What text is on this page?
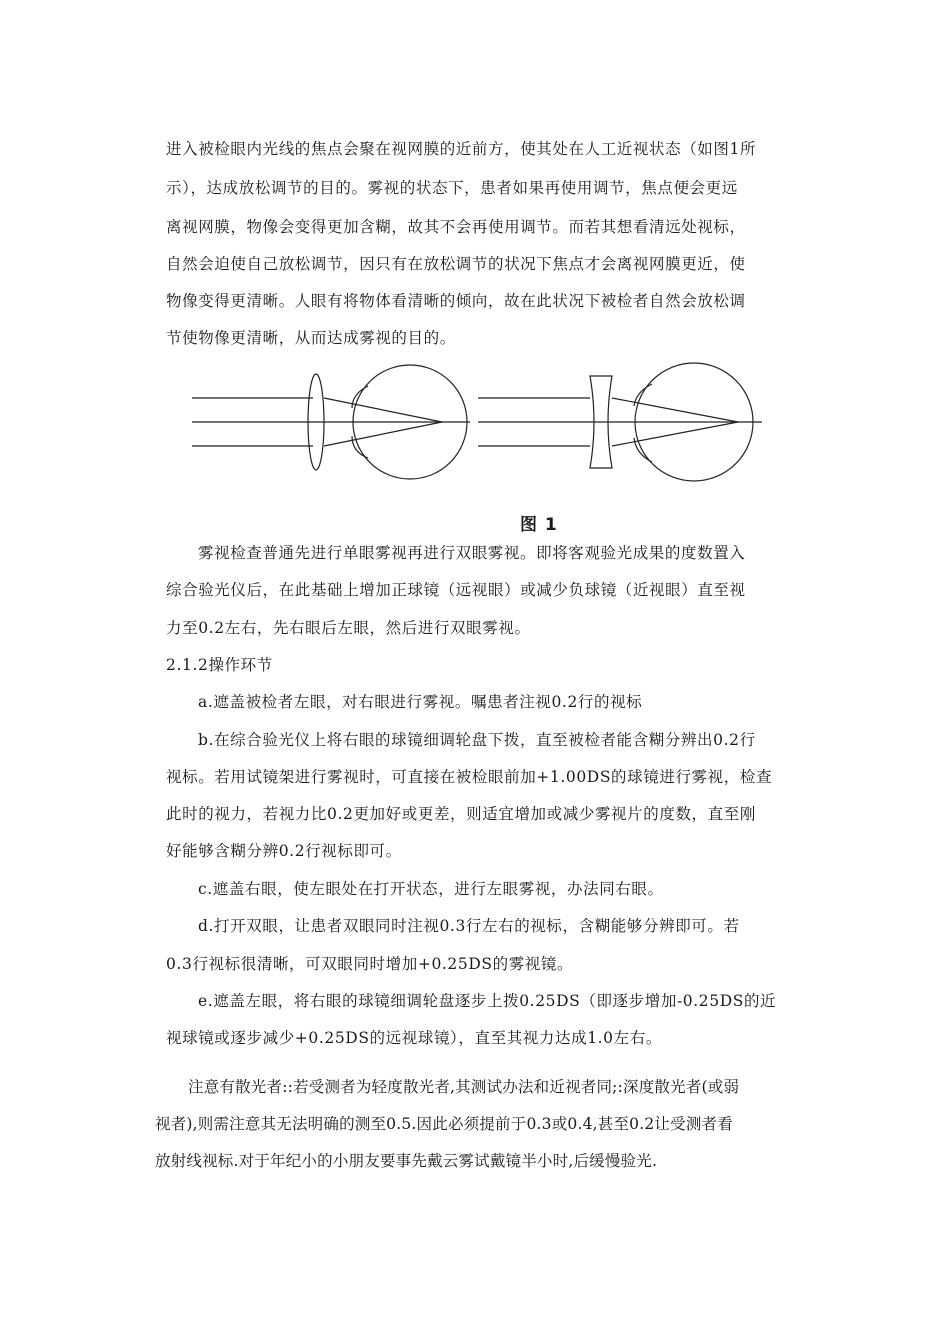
进入被检眼内光线的焦点会聚在视网膜的近前方，使其处在人工近视状态（如图1所
示），达成放松调节的目的。雾视的状态下，患者如果再使用调节，焦点便会更远
离视网膜，物像会变得更加含糊，故其不会再使用调节。而若其想看清远处视标，
自然会迫使自己放松调节，因只有在放松调节的状况下焦点才会离视网膜更近，使
物像变得更清晰。人眼有将物体看清晰的倾向，故在此状况下被检者自然会放松调
节使物像更清晰，从而达成雾视的目的。
图 1
雾视检查普通先进行单眼雾视再进行双眼雾视。即将客观验光成果的度数置入
综合验光仪后，在此基础上增加正球镜（远视眼）或减少负球镜（近视眼）直至视
力至0.2左右，先右眼后左眼，然后进行双眼雾视。
2.1.2操作环节
a.遮盖被检者左眼，对右眼进行雾视。嘱患者注视0.2行的视标
b.在综合验光仪上将右眼的球镜细调轮盘下拨，直至被检者能含糊分辨出0.2行
视标。若用试镜架进行雾视时，可直接在被检眼前加+1.00DS的球镜进行雾视，检查
此时的视力，若视力比0.2更加好或更差，则适宜增加或减少雾视片的度数，直至刚
好能够含糊分辨0.2行视标即可。
c.遮盖右眼，使左眼处在打开状态，进行左眼雾视，办法同右眼。
d.打开双眼，让患者双眼同时注视0.3行左右的视标，含糊能够分辨即可。若
0.3行视标很清晰，可双眼同时增加+0.25DS的雾视镜。
e.遮盖左眼，将右眼的球镜细调轮盘逐步上拨0.25DS（即逐步增加-0.25DS的近
视球镜或逐步减少+0.25DS的远视球镜），直至其视力达成1.0左右。
注意有散光者::若受测者为轻度散光者,其测试办法和近视者同;:深度散光者(或弱
视者),则需注意其无法明确的测至0.5.因此必须提前于0.3或0.4,甚至0.2让受测者看
放射线视标.对于年纪小的小朋友要事先戴云雾试戴镜半小时,后缓慢验光.
